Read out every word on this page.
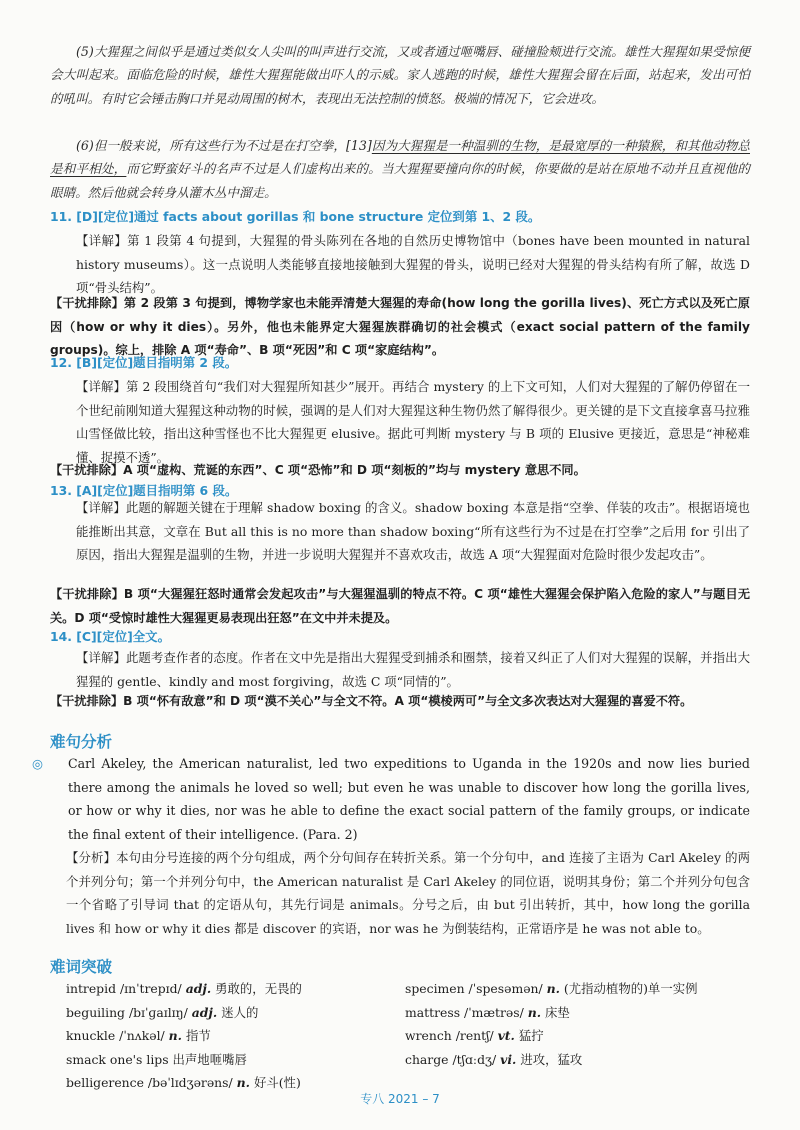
(5)大猩猩之间似乎是通过类似女人尖叫的叫声进行交流，又或者通过咂嘴唇、碰撞脸颊进行交流。雄性大猩猩如果受惊便会大叫起来。面临危险的时候，雄性大猩猩能做出吓人的示威。家人逃跑的时候，雄性大猩猩会留在后面，站起来，发出可怕的吼叫。有时它会锤击胸口并晃动周围的树木，表现出无法控制的愤怒。极端的情况下，它会进攻。
(6)但一般来说，所有这些行为不过是在打空拳，[13]因为大猩猩是一种温驯的生物，是最宽厚的一种猿猴，和其他动物总是和平相处，而它野蛮好斗的名声不过是人们虚构出来的。当大猩猩要撞向你的时候，你要做的是站在原地不动并且直视他的眼睛。然后他就会转身从灌木丛中溜走。
11. [D][定位]通过 facts about gorillas 和 bone structure 定位到第 1、2 段。
【详解】第 1 段第 4 句提到，大猩猩的骨头陈列在各地的自然历史博物馆中（bones have been mounted in natural history museums）。这一点说明人类能够直接地接触到大猩猩的骨头，说明已经对大猩猩的骨头结构有所了解，故选 D 项“骨头结构”。
【干扰排除】第 2 段第 3 句提到，博物学家也未能弄清楚大猩猩的寿命(how long the gorilla lives)、死亡方式以及死亡原因（how or why it dies）。另外，他也未能界定大猩猩族群确切的社会模式（exact social pattern of the family groups)。综上，排除 A 项“寿命”、B 项“死因”和 C 项“家庭结构”。
12. [B][定位]题目指明第 2 段。
【详解】第 2 段围绕首句“我们对大猩猩所知甚少”展开。再结合 mystery 的上下文可知，人们对大猩猩的了解仍停留在一个世纪前刚知道大猩猩这种动物的时候，强调的是人们对大猩猩这种生物仍然了解得很少。更关键的是下文直接拿喜马拉雅山雪怪做比较，指出这种雪怪也不比大猩猩更 elusive。据此可判断 mystery 与 B 项的 Elusive 更接近，意思是“神秘难懂、捉摸不透”。
【干扰排除】A 项“虚构、荒诞的东西”、C 项“恐怖”和 D 项“刻板的”均与 mystery 意思不同。
13. [A][定位]题目指明第 6 段。
【详解】此题的解题关键在于理解 shadow boxing 的含义。shadow boxing 本意是指“空拳、佯装的攻击”。根据语境也能推断出其意，文章在 But all this is no more than shadow boxing“所有这些行为不过是在打空拳”之后用 for 引出了原因，指出大猩猩是温驯的生物，并进一步说明大猩猩并不喜欢攻击，故选 A 项“大猩猩面对危险时很少发起攻击”。
【干扰排除】B 项“大猩猩狂怒时通常会发起攻击”与大猩猩温驯的特点不符。C 项“雄性大猩猩会保护陷入危险的家人”与题目无关。D 项“受惊时雄性大猩猩更易表现出狂怒”在文中并未提及。
14. [C][定位]全文。
【详解】此题考查作者的态度。作者在文中先是指出大猩猩受到捕杀和圈禁，接着又纠正了人们对大猩猩的误解，并指出大猩猩的 gentle、kindly and most forgiving，故选 C 项“同情的”。
【干扰排除】B 项“怀有敌意”和 D 项“漠不关心”与全文不符。A 项“模棱两可”与全文多次表达对大猩猩的喜爱不符。
难句分析
◎ Carl Akeley, the American naturalist, led two expeditions to Uganda in the 1920s and now lies buried there among the animals he loved so well; but even he was unable to discover how long the gorilla lives, or how or why it dies, nor was he able to define the exact social pattern of the family groups, or indicate the final extent of their intelligence. (Para. 2)
【分析】本句由分号连接的两个分句组成，两个分句间存在转折关系。第一个分句中，and 连接了主语为 Carl Akeley 的两个并列分句；第一个并列分句中，the American naturalist 是 Carl Akeley 的同位语，说明其身份；第二个并列分句包含一个省略了引导词 that 的定语从句，其先行词是 animals。分号之后，由 but 引出转折，其中，how long the gorilla lives 和 how or why it dies 都是 discover 的宾语，nor was he 为倒装结构，正常语序是 he was not able to。
难词突破
intrepid /ɪnˈtrepɪd/ adj. 勇敢的，无畏的
beguiling /bɪˈɡaɪlɪŋ/ adj. 迷人的
knuckle /ˈnʌkəl/ n. 指节
smack one's lips 出声地咂嘴唇
belligerence /bəˈlɪdʒərəns/ n. 好斗(性)
specimen /ˈspesəmən/ n. (尤指动植物的)单一实例
mattress /ˈmætrəs/ n. 床垫
wrench /rentʃ/ vt. 猛拧
charge /tʃɑːdʒ/ vi. 进攻，猛攻
专八 2021 – 7
